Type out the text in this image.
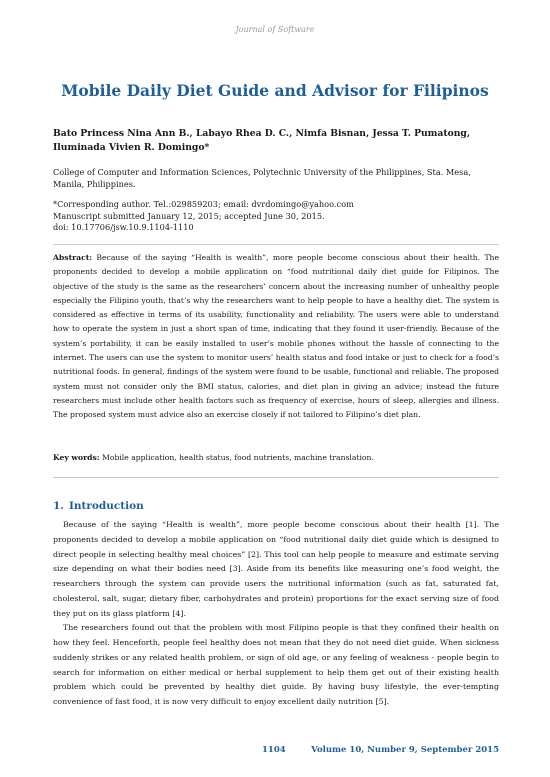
Journal of Software
Mobile Daily Diet Guide and Advisor for Filipinos
Bato Princess Nina Ann B., Labayo Rhea D. C., Nimfa Bisnan, Jessa T. Pumatong, Iluminada Vivien R. Domingo*
College of Computer and Information Sciences, Polytechnic University of the Philippines, Sta. Mesa, Manila, Philippines.
*Corresponding author. Tel.:029859203; email: dvrdomingo@yahoo.com
Manuscript submitted January 12, 2015; accepted June 30, 2015.
doi: 10.17706/jsw.10.9.1104-1110
Abstract: Because of the saying “Health is wealth”, more people become conscious about their health. The proponents decided to develop a mobile application on “food nutritional daily diet guide for Filipinos. The objective of the study is the same as the researchers’ concern about the increasing number of unhealthy people especially the Filipino youth, that’s why the researchers want to help people to have a healthy diet. The system is considered as effective in terms of its usability, functionality and reliability. The users were able to understand how to operate the system in just a short span of time, indicating that they found it user-friendly. Because of the system’s portability, it can be easily installed to user’s mobile phones without the hassle of connecting to the internet. The users can use the system to monitor users’ health status and food intake or just to check for a food’s nutritional foods. In general, findings of the system were found to be usable, functional and reliable. The proposed system must not consider only the BMI status, calories, and diet plan in giving an advice; instead the future researchers must include other health factors such as frequency of exercise, hours of sleep, allergies and illness. The proposed system must advice also an exercise closely if not tailored to Filipino’s diet plan.
Key words: Mobile application, health status, food nutrients, machine translation.
1. Introduction

Because of the saying “Health is wealth”, more people become conscious about their health [1]. The proponents decided to develop a mobile application on “food nutritional daily diet guide which is designed to direct people in selecting healthy meal choices” [2]. This tool can help people to measure and estimate serving size depending on what their bodies need [3]. Aside from its benefits like measuring one’s food weight, the researchers through the system can provide users the nutritional information (such as fat, saturated fat, cholesterol, salt, sugar, dietary fiber, carbohydrates and protein) proportions for the exact serving size of food they put on its glass platform [4].

The researchers found out that the problem with most Filipino people is that they confined their health on how they feel. Henceforth, people feel healthy does not mean that they do not need diet guide. When sickness suddenly strikes or any related health problem, or sign of old age, or any feeling of weakness - people begin to search for information on either medical or herbal supplement to help them get out of their existing health problem which could be prevented by healthy diet guide. By having busy lifestyle, the ever-tempting convenience of fast food, it is now very difficult to enjoy excellent daily nutrition [5].

1104	Volume 10, Number 9, September 2015
